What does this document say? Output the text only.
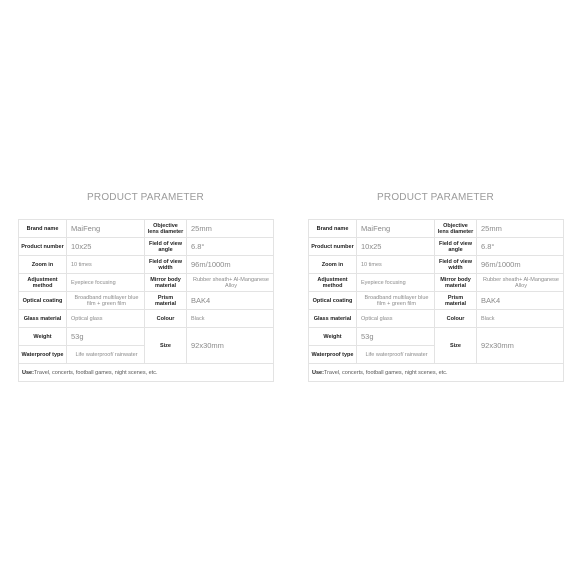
PRODUCT PARAMETER
Brand name	MaiFeng	Objective lens diameter	25mm
Product number	10x25	Field of view angle	6.8°
Zoom in	10 times	Field of view width	96m/1000m
Adjustment method	Eyepiece focusing	Mirror body material	Rubber sheath+ Al-Manganese Alloy
Optical coating	Broadband multilayer blue film + green film	Prism material	BAK4
Glass material	Optical glass	Colour	Black
Weight	53g	Size	92x30mm
Waterproof type	Life waterproof/ rainwater		
Use:Travel, concerts, football games, night scenes, etc.			
PRODUCT PARAMETER
Brand name	MaiFeng	Objective lens diameter	25mm
Product number	10x25	Field of view angle	6.8°
Zoom in	10 times	Field of view width	96m/1000m
Adjustment method	Eyepiece focusing	Mirror body material	Rubber sheath+ Al-Manganese Alloy
Optical coating	Broadband multilayer blue film + green film	Prism material	BAK4
Glass material	Optical glass	Colour	Black
Weight	53g	Size	92x30mm
Waterproof type	Life waterproof/ rainwater		
Use:Travel, concerts, football games, night scenes, etc.			
